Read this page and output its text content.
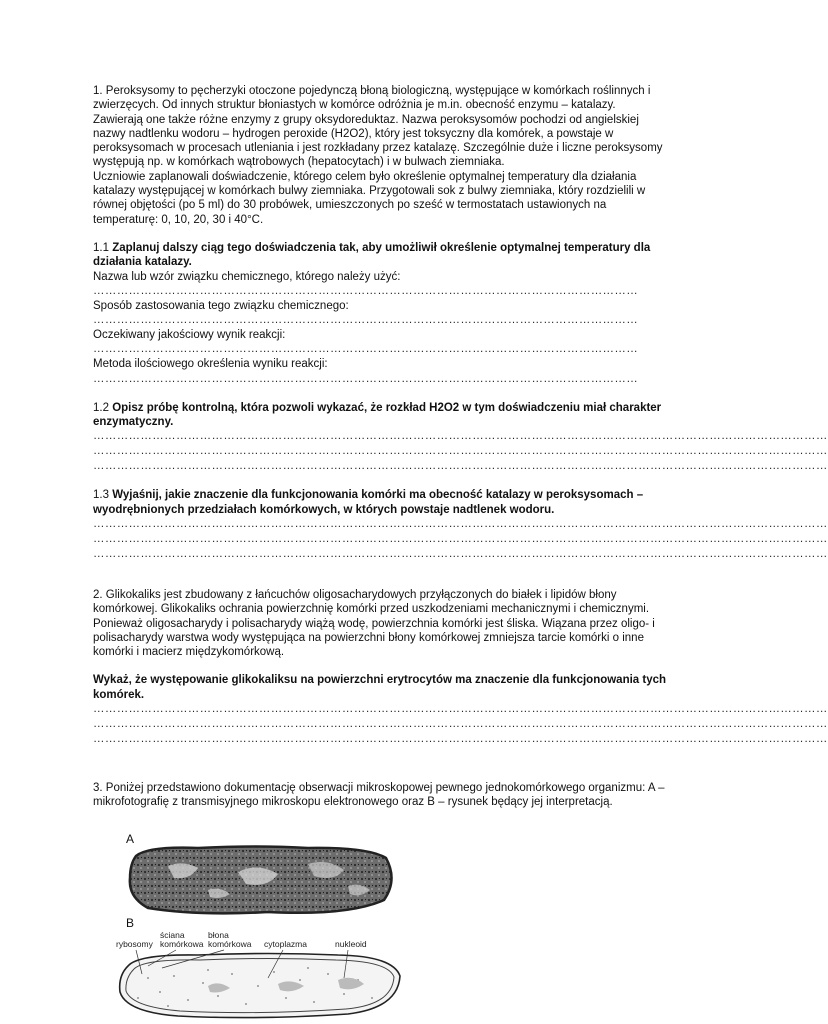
1. Peroksysomy to pęcherzyki otoczone pojedynczą błoną biologiczną, występujące w komórkach roślinnych i

zwierzęcych. Od innych struktur błoniastych w komórce odróżnia je m.in. obecność enzymu – katalazy.

Zawierają one także różne enzymy z grupy oksydoreduktaz. Nazwa peroksysomów pochodzi od angielskiej

nazwy nadtlenku wodoru – hydrogen peroxide (H2O2), który jest toksyczny dla komórek, a powstaje w

peroksysomach w procesach utleniania i jest rozkładany przez katalazę. Szczególnie duże i liczne peroksysomy

występują np. w komórkach wątrobowych (hepatocytach) i w bulwach ziemniaka.

Uczniowie zaplanowali doświadczenie, którego celem było określenie optymalnej temperatury dla działania

katalazy występującej w komórkach bulwy ziemniaka. Przygotowali sok z bulwy ziemniaka, który rozdzielili w

równej objętości (po 5 ml) do 30 probówek, umieszczonych po sześć w termostatach ustawionych na

temperaturę: 0, 10, 20, 30 i 40°C.

1.1 Zaplanuj dalszy ciąg tego doświadczenia tak, aby umożliwił określenie optymalnej temperatury dla

działania katalazy.

Nazwa lub wzór związku chemicznego, którego należy użyć:

…………………………………………………………………………………………………………………………

Sposób zastosowania tego związku chemicznego:

…………………………………………………………………………………………………………………………

Oczekiwany jakościowy wynik reakcji:

…………………………………………………………………………………………………………………………

Metoda ilościowego określenia wyniku reakcji:

…………………………………………………………………………………………………………………………

1.2 Opisz próbę kontrolną, która pozwoli wykazać, że rozkład H2O2 w tym doświadczeniu miał charakter

enzymatyczny.

……………………………………………………………………………………………………………………………………………………………………
……………………………………………………………………………………………………………………………………………………………………
……………………………………………………………………………………………………………………………………………………………………

1.3 Wyjaśnij, jakie znaczenie dla funkcjonowania komórki ma obecność katalazy w peroksysomach –

wyodrębnionych przedziałach komórkowych, w których powstaje nadtlenek wodoru.

……………………………………………………………………………………………………………………………………………………………………
……………………………………………………………………………………………………………………………………………………………………
……………………………………………………………………………………………………………………………………………………………………

2. Glikokaliks jest zbudowany z łańcuchów oligosacharydowych przyłączonych do białek i lipidów błony

komórkowej. Glikokaliks ochrania powierzchnię komórki przed uszkodzeniami mechanicznymi i chemicznymi.

Ponieważ oligosacharydy i polisacharydy wiążą wodę, powierzchnia komórki jest śliska. Wiązana przez oligo- i

polisacharydy warstwa wody występująca na powierzchni błony komórkowej zmniejsza tarcie komórki o inne

komórki i macierz międzykomórkową.

Wykaż, że występowanie glikokaliksu na powierzchni erytrocytów ma znaczenie dla funkcjonowania tych

komórek.

……………………………………………………………………………………………………………………………………………………………………
……………………………………………………………………………………………………………………………………………………………………
……………………………………………………………………………………………………………………………………………………………………

3. Poniżej przedstawiono dokumentację obserwacji mikroskopowej pewnego jednokomórkowego organizmu: A –

mikrofotografię z transmisyjnego mikroskopu elektronowego oraz B – rysunek będący jej interpretacją.

A
B
ściana
komórkowa
błona
komórkowa
rybosomy	cytoplazma	nukleoid
